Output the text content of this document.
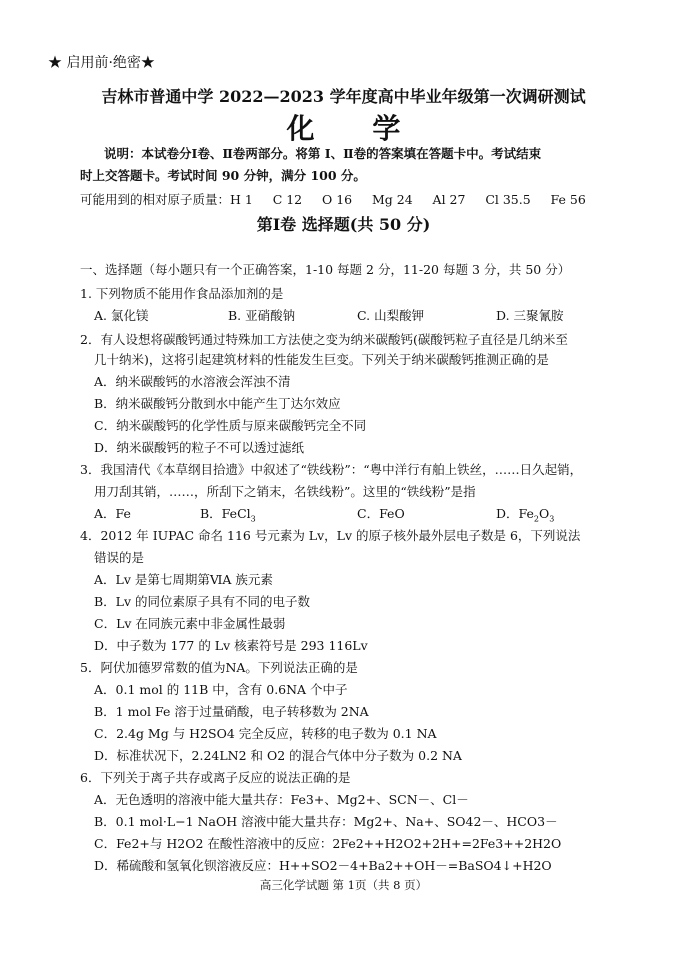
★ 启用前·绝密★
吉林市普通中学 2022—2023 学年度高中毕业年级第一次调研测试
化 学
说明：本试卷分Ⅰ卷、Ⅱ卷两部分。将第 Ⅰ、Ⅱ卷的答案填在答题卡中。考试结束
时上交答题卡。考试时间 90 分钟，满分 100 分。
可能用到的相对原子质量：H 1     C 12     O 16     Mg 24     Al 27     Cl 35.5     Fe 56
第Ⅰ卷 选择题(共 50 分)
一、选择题（每小题只有一个正确答案，1-10 每题 2 分，11-20 每题 3 分，共 50 分）
1. 下列物质不能用作食品添加剂的是
A. 氯化镁	B. 亚硝酸钠	C. 山梨酸钾	D. 三聚氰胺
2．有人设想将碳酸钙通过特殊加工方法使之变为纳米碳酸钙(碳酸钙粒子直径是几纳米至
几十纳米)，这将引起建筑材料的性能发生巨变。下列关于纳米碳酸钙推测正确的是
A．纳米碳酸钙的水溶液会浑浊不清
B．纳米碳酸钙分散到水中能产生丁达尔效应
C．纳米碳酸钙的化学性质与原来碳酸钙完全不同
D．纳米碳酸钙的粒子不可以透过滤纸
3．我国清代《本草纲目拾遗》中叙述了“铁线粉”：“粤中洋行有舶上铁丝，……日久起销，
用刀刮其销，……，所刮下之销末，名铁线粉”。这里的“铁线粉”是指
A．Fe	B．FeCl$_3$	C．FeO	D．$Fe_2O_3$
4．2012 年 IUPAC 命名 116 号元素为 Lv，Lv 的原子核外最外层电子数是 6，下列说法
错误的是
A．Lv 是第七周期第ⅥA 族元素
B．Lv 的同位素原子具有不同的电子数
C．Lv 在同族元素中非金属性最弱
D．中子数为 177 的 Lv 核素符号是 293 116Lv
5．阿伏加德罗常数的值为NA。下列说法正确的是
A．0.1 mol 的 11B 中，含有 0.6NA 个中子
B．1 mol Fe 溶于过量硝酸，电子转移数为 2NA
C．2.4g Mg 与 H2SO4 完全反应，转移的电子数为 0.1 NA
D．标准状况下，2.24LN2 和 O2 的混合气体中分子数为 0.2 NA
6．下列关于离子共存或离子反应的说法正确的是
A．无色透明的溶液中能大量共存：Fe3+、Mg2+、SCN－、Cl－
B．0.1 mol·L−1 NaOH 溶液中能大量共存：Mg2+、Na+、SO42－、HCO3－
C．Fe2+与 H2O2 在酸性溶液中的反应：2Fe2++H2O2+2H+=2Fe3++2H2O
D．稀硫酸和氢氧化钡溶液反应：H++SO2－4+Ba2++OH－=BaSO4↓+H2O
高三化学试题 第 1页（共 8 页）
